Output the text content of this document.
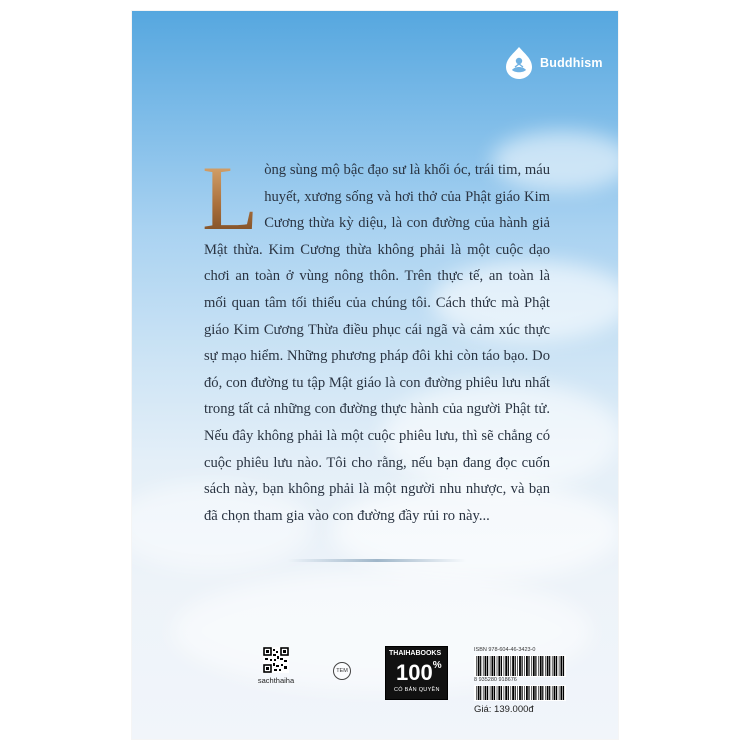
Buddhism
L òng sùng mộ bậc đạo sư là khối óc, trái tim, máu huyết, xương sống và hơi thở của Phật giáo Kim Cương thừa kỳ diệu, là con đường của hành giả Mật thừa. Kim Cương thừa không phải là một cuộc dạo chơi an toàn ở vùng nông thôn. Trên thực tế, an toàn là mối quan tâm tối thiểu của chúng tôi. Cách thức mà Phật giáo Kim Cương Thừa điều phục cái ngã và cảm xúc thực sự mạo hiểm. Những phương pháp đôi khi còn táo bạo. Do đó, con đường tu tập Mật giáo là con đường phiêu lưu nhất trong tất cả những con đường thực hành của người Phật tử. Nếu đây không phải là một cuộc phiêu lưu, thì sẽ chẳng có cuộc phiêu lưu nào. Tôi cho rằng, nếu bạn đang đọc cuốn sách này, bạn không phải là một người nhu nhược, và bạn đã chọn tham gia vào con đường đầy rủi ro này...
sachthaiha
TEM
THAIHABOOKS
100%
CÓ BẢN QUYỀN
ISBN 978-604-46-3423-0
8 935280 918676
Giá: 139.000đ
